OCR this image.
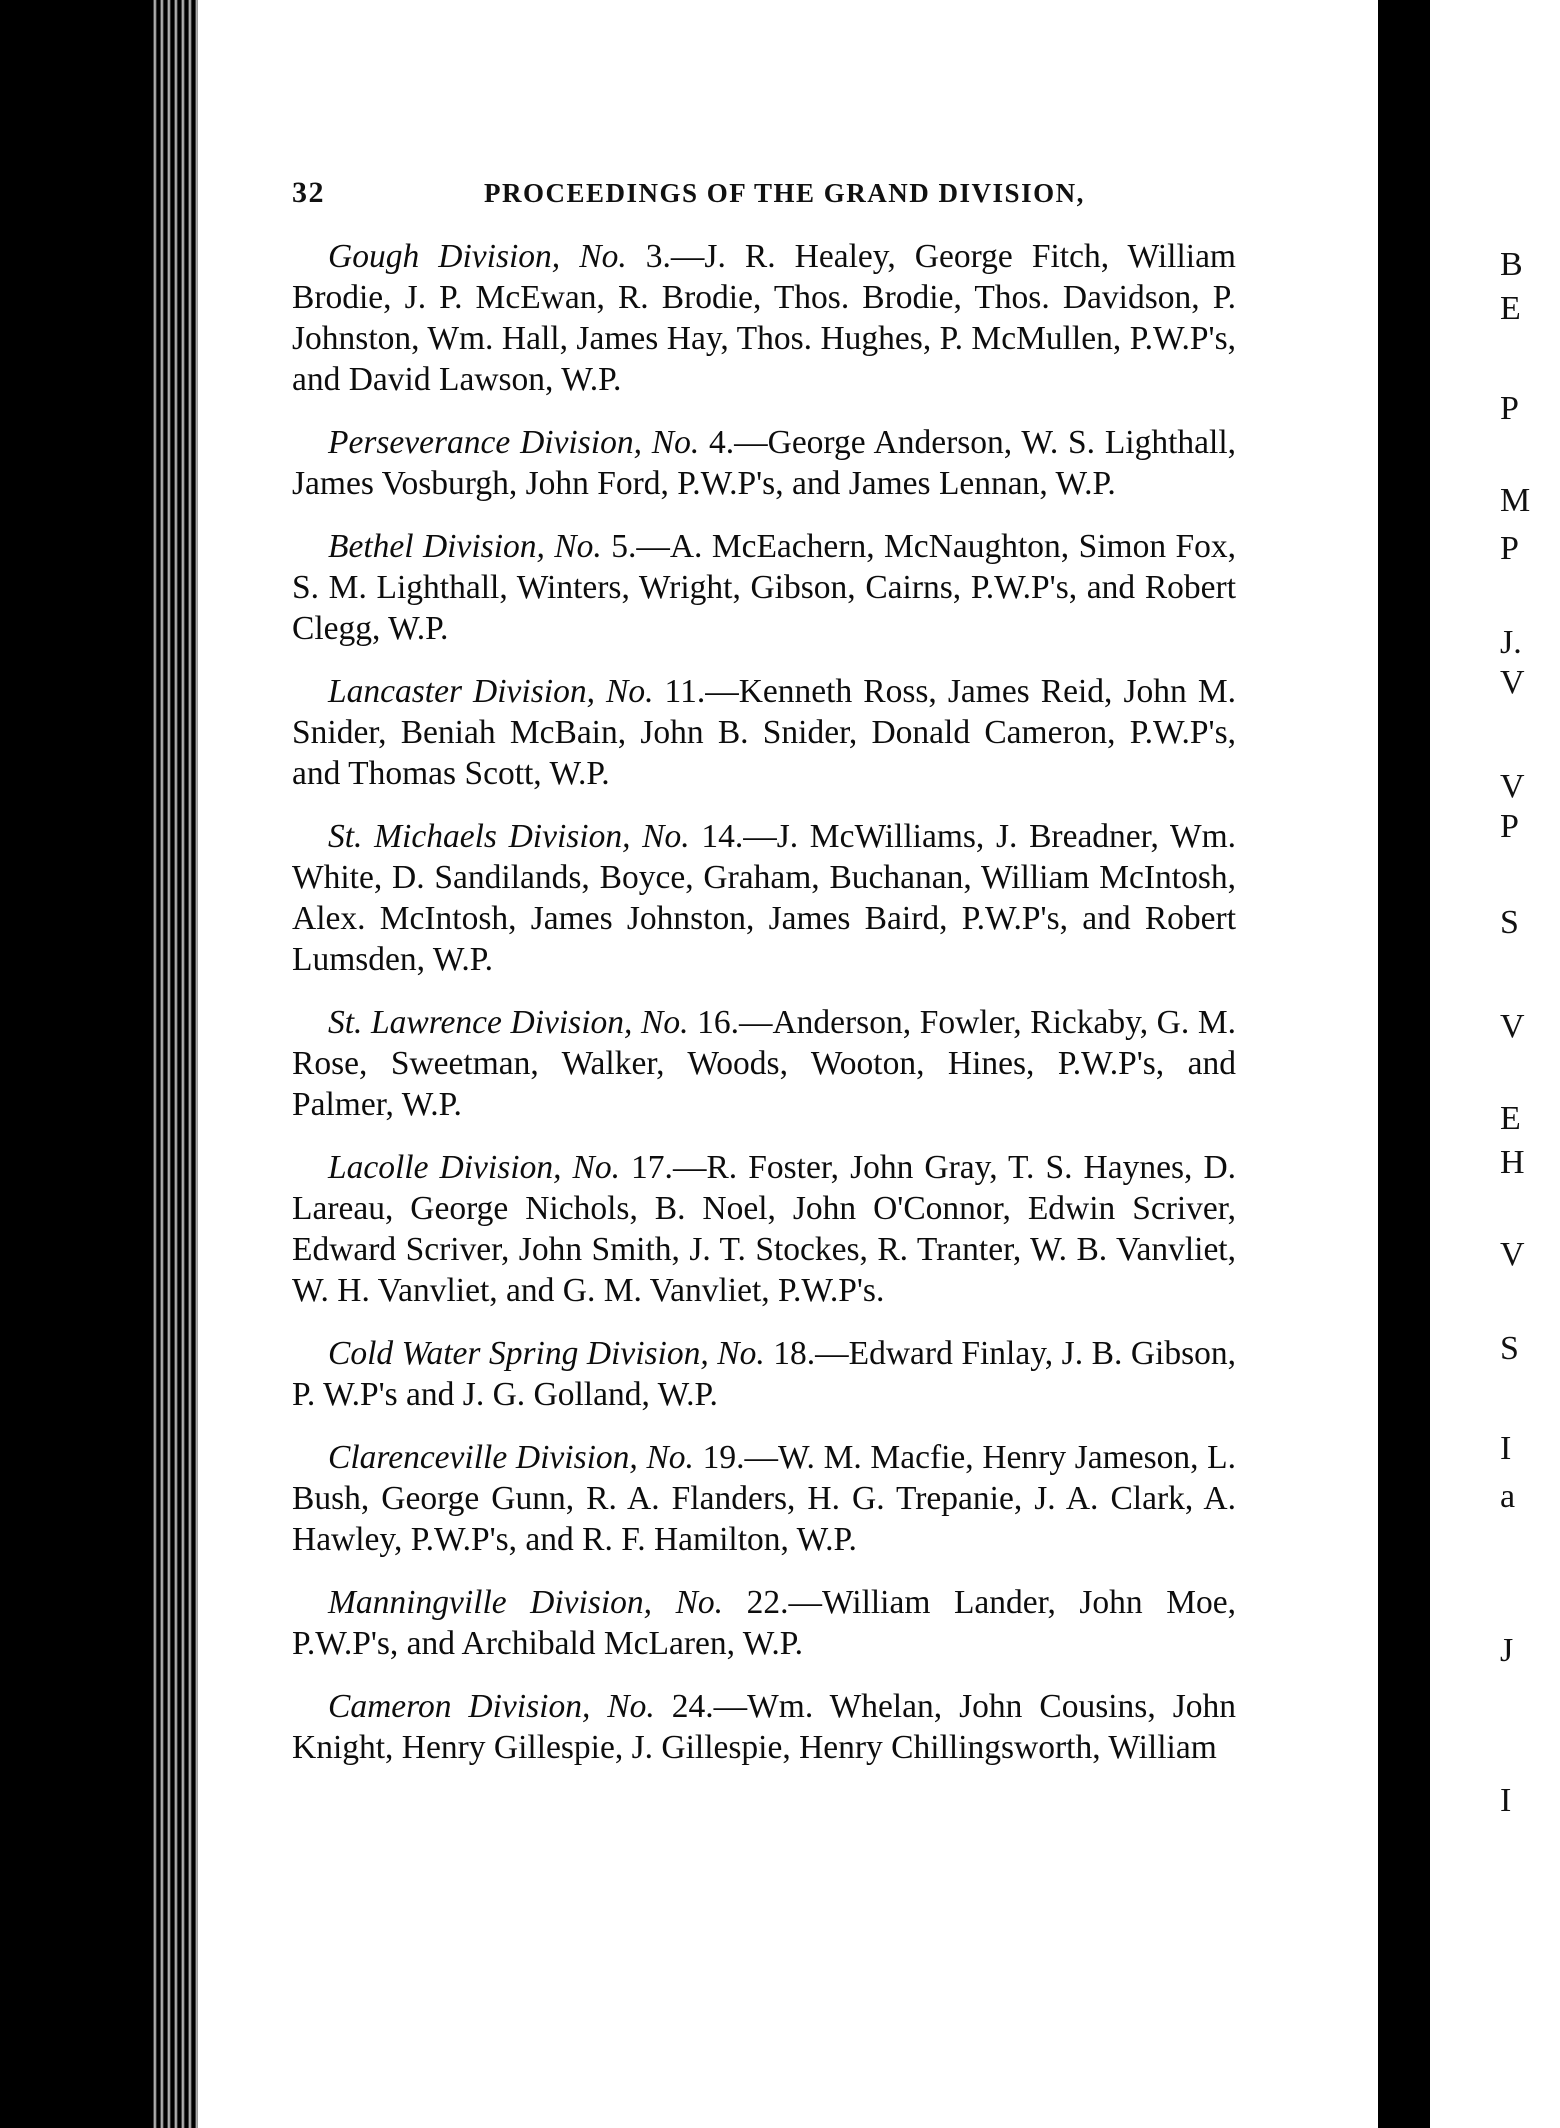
32	PROCEEDINGS OF THE GRAND DIVISION,

Gough Division, No. 3.—J. R. Healey, George Fitch, William Brodie, J. P. McEwan, R. Brodie, Thos. Brodie, Thos. Davidson, P. Johnston, Wm. Hall, James Hay, Thos. Hughes, P. McMullen, P.W.P's, and David Lawson, W.P.

Perseverance Division, No. 4.—George Anderson, W. S. Lighthall, James Vosburgh, John Ford, P.W.P's, and James Lennan, W.P.

Bethel Division, No. 5.—A. McEachern, McNaughton, Simon Fox, S. M. Lighthall, Winters, Wright, Gibson, Cairns, P.W.P's, and Robert Clegg, W.P.

Lancaster Division, No. 11.—Kenneth Ross, James Reid, John M. Snider, Beniah McBain, John B. Snider, Donald Cameron, P.W.P's, and Thomas Scott, W.P.

St. Michaels Division, No. 14.—J. McWilliams, J. Breadner, Wm. White, D. Sandilands, Boyce, Graham, Buchanan, William McIntosh, Alex. McIntosh, James Johnston, James Baird, P.W.P's, and Robert Lumsden, W.P.

St. Lawrence Division, No. 16.—Anderson, Fowler, Rickaby, G. M. Rose, Sweetman, Walker, Woods, Wooton, Hines, P.W.P's, and Palmer, W.P.

Lacolle Division, No. 17.—R. Foster, John Gray, T. S. Haynes, D. Lareau, George Nichols, B. Noel, John O'Connor, Edwin Scriver, Edward Scriver, John Smith, J. T. Stockes, R. Tranter, W. B. Vanvliet, W. H. Vanvliet, and G. M. Vanvliet, P.W.P's.

Cold Water Spring Division, No. 18.—Edward Finlay, J. B. Gibson, P. W.P's and J. G. Golland, W.P.

Clarenceville Division, No. 19.—W. M. Macfie, Henry Jameson, L. Bush, George Gunn, R. A. Flanders, H. G. Trepanie, J. A. Clark, A. Hawley, P.W.P's, and R. F. Hamilton, W.P.

Manningville Division, No. 22.—William Lander, John Moe, P.W.P's, and Archibald McLaren, W.P.

Cameron Division, No. 24.—Wm. Whelan, John Cousins, John Knight, Henry Gillespie, J. Gillespie, Henry Chillingsworth, William

B
E
P
M
P
J.
V
V
P
S
V
E
H
V
S
I
a
J
I
